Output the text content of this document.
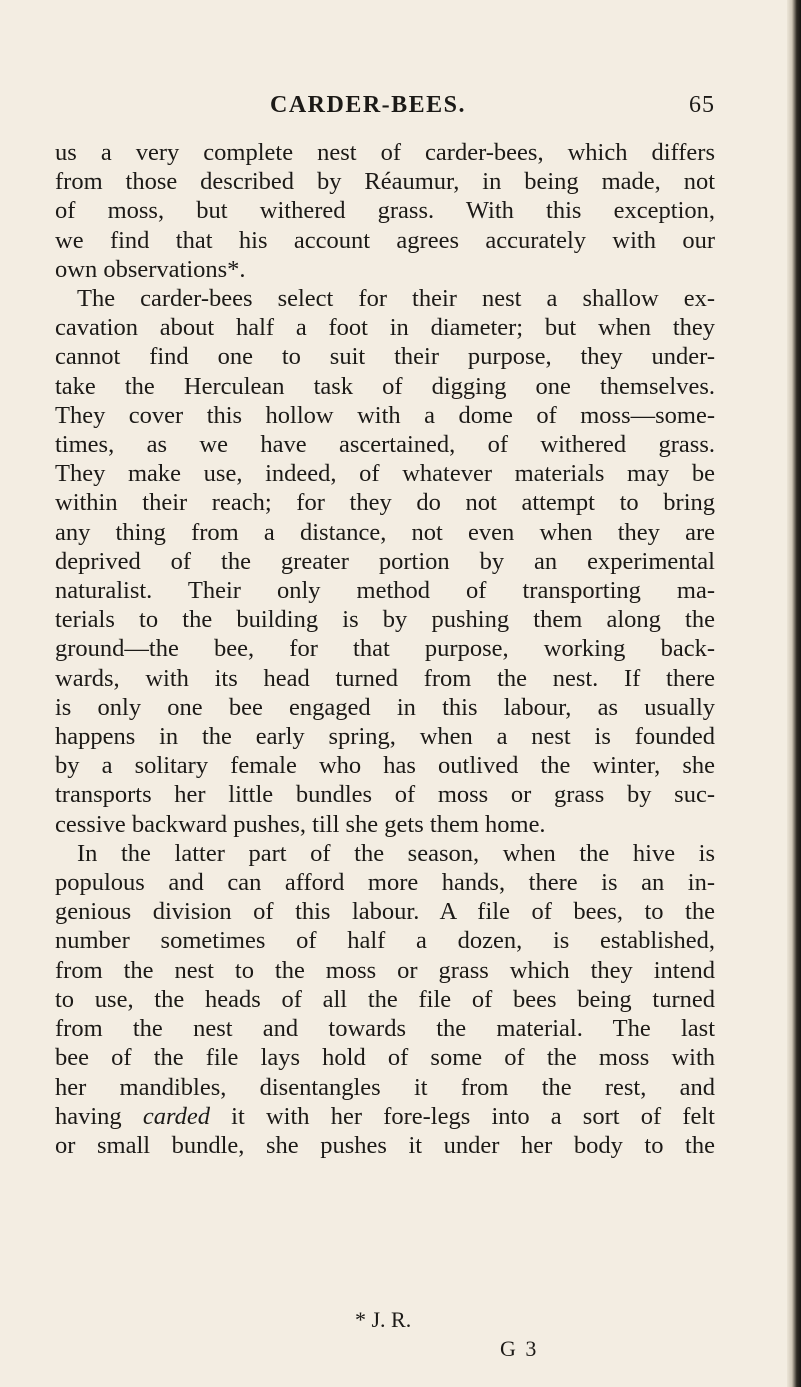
CARDER-BEES.	65
us a very complete nest of carder-bees, which differs
from those described by Réaumur, in being made, not
of moss, but withered grass. With this exception,
we find that his account agrees accurately with our
own observations*.
The carder-bees select for their nest a shallow ex-
cavation about half a foot in diameter; but when they
cannot find one to suit their purpose, they under-
take the Herculean task of digging one themselves.
They cover this hollow with a dome of moss—some-
times, as we have ascertained, of withered grass.
They make use, indeed, of whatever materials may be
within their reach; for they do not attempt to bring
any thing from a distance, not even when they are
deprived of the greater portion by an experimental
naturalist. Their only method of transporting ma-
terials to the building is by pushing them along the
ground—the bee, for that purpose, working back-
wards, with its head turned from the nest. If there
is only one bee engaged in this labour, as usually
happens in the early spring, when a nest is founded
by a solitary female who has outlived the winter, she
transports her little bundles of moss or grass by suc-
cessive backward pushes, till she gets them home.
In the latter part of the season, when the hive is
populous and can afford more hands, there is an in-
genious division of this labour. A file of bees, to the
number sometimes of half a dozen, is established,
from the nest to the moss or grass which they intend
to use, the heads of all the file of bees being turned
from the nest and towards the material. The last
bee of the file lays hold of some of the moss with
her mandibles, disentangles it from the rest, and
having carded it with her fore-legs into a sort of felt
or small bundle, she pushes it under her body to the
* J. R.
G 3
